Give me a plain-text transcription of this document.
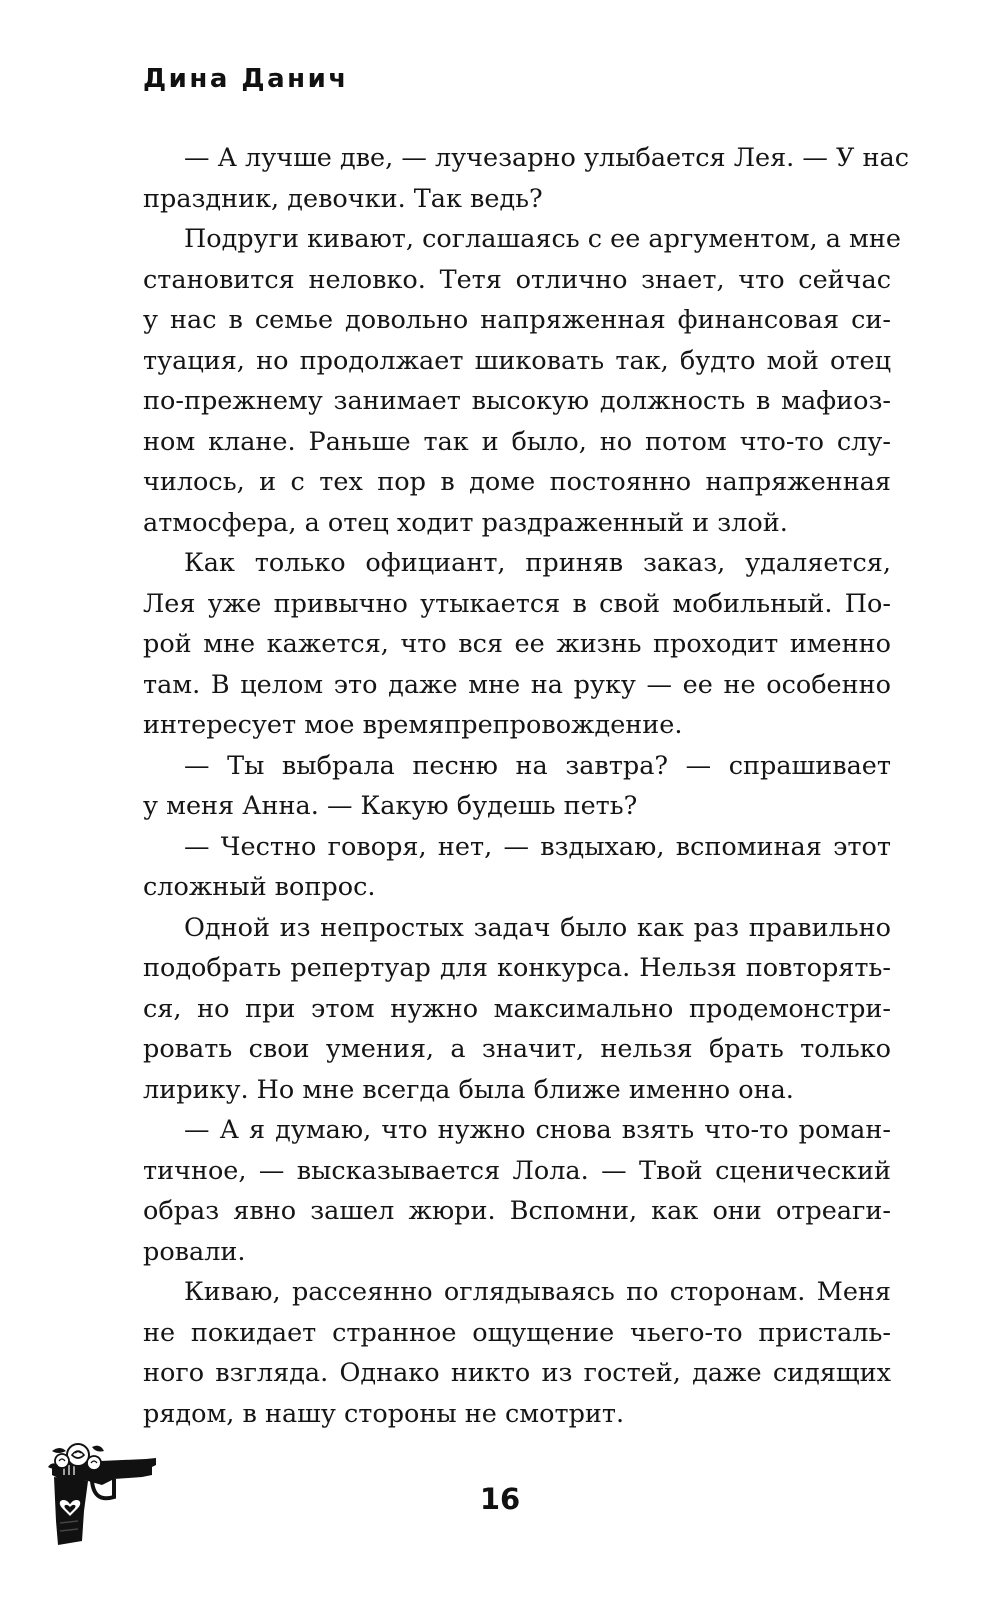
Дина Данич

— А лучше две, — лучезарно улыбается Лея. — У нас
праздник, девочки. Так ведь?

Подруги кивают, соглашаясь с ее аргументом, а мне
становится неловко. Тетя отлично знает, что сейчас
у нас в семье довольно напряженная финансовая си-
туация, но продолжает шиковать так, будто мой отец
по-прежнему занимает высокую должность в мафиоз-
ном клане. Раньше так и было, но потом что-то слу-
чилось, и с тех пор в доме постоянно напряженная
атмосфера, а отец ходит раздраженный и злой.

Как только официант, приняв заказ, удаляется,
Лея уже привычно утыкается в свой мобильный. По-
рой мне кажется, что вся ее жизнь проходит именно
там. В целом это даже мне на руку — ее не особенно
интересует мое времяпрепровождение.

— Ты выбрала песню на завтра? — спрашивает
у меня Анна. — Какую будешь петь?

— Честно говоря, нет, — вздыхаю, вспоминая этот
сложный вопрос.

Одной из непростых задач было как раз правильно
подобрать репертуар для конкурса. Нельзя повторять-
ся, но при этом нужно максимально продемонстри-
ровать свои умения, а значит, нельзя брать только
лирику. Но мне всегда была ближе именно она.

— А я думаю, что нужно снова взять что-то роман-
тичное, — высказывается Лола. — Твой сценический
образ явно зашел жюри. Вспомни, как они отреаги-
ровали.

Киваю, рассеянно оглядываясь по сторонам. Меня
не покидает странное ощущение чьего-то присталь-
ного взгляда. Однако никто из гостей, даже сидящих
рядом, в нашу стороны не смотрит.

16
